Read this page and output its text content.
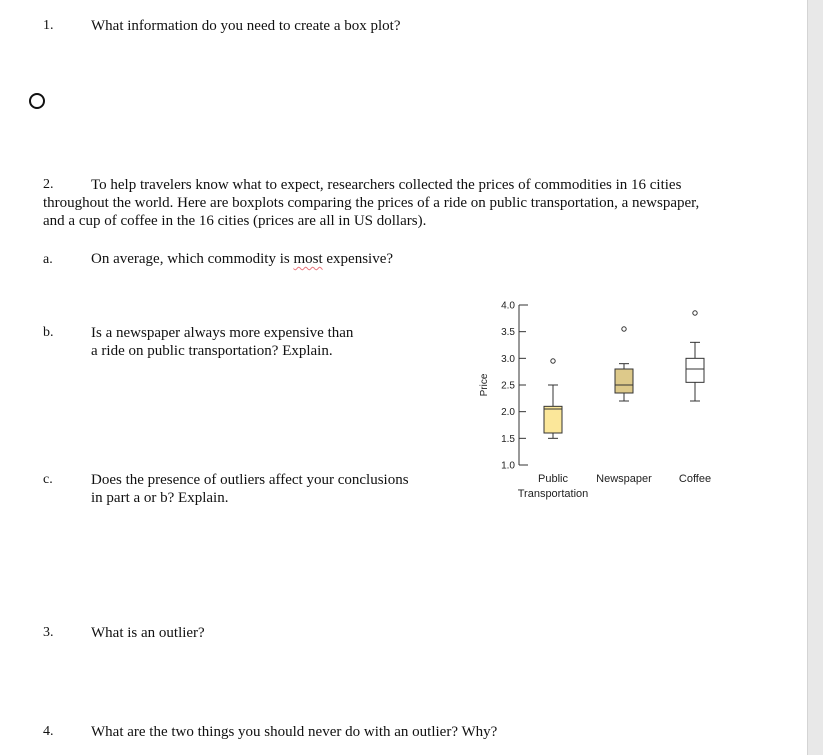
1.	What information do you need to create a box plot?
2.	To help travelers know what to expect, researchers collected the prices of commodities in 16 cities
throughout the world. Here are boxplots comparing the prices of a ride on public transportation, a newspaper,
and a cup of coffee in the 16 cities (prices are all in US dollars).
a.	On average, which commodity is most expensive?
b.	Is a newspaper always more expensive than
a ride on public transportation? Explain.
1.0
1.5
2.0
2.5
3.0
3.5
4.0
Price
Public
Transportation
Newspaper Coffee
c.	Does the presence of outliers affect your conclusions
in part a or b? Explain.
3.	What is an outlier?
4.	What are the two things you should never do with an outlier? Why?
